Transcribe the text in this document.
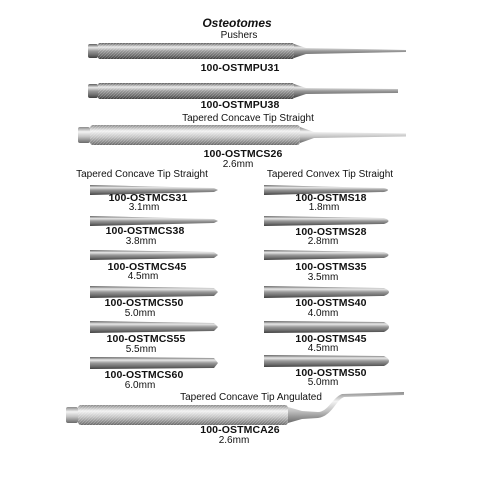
Osteotomes
Pushers
100-OSTMPU31
100-OSTMPU38
Tapered Concave Tip Straight
100-OSTMCS26
2.6mm
Tapered Concave Tip Straight	Tapered Convex Tip Straight
100-OSTMCS31
3.1mm
100-OSTMCS38
3.8mm
100-OSTMCS45
4.5mm
100-OSTMCS50
5.0mm
100-OSTMCS55
5.5mm
100-OSTMCS60
6.0mm
100-OSTMS18
1.8mm
100-OSTMS28
2.8mm
100-OSTMS35
3.5mm
100-OSTMS40
4.0mm
100-OSTMS45
4.5mm
100-OSTMS50
5.0mm
Tapered Concave Tip Angulated
100-OSTMCA26
2.6mm
